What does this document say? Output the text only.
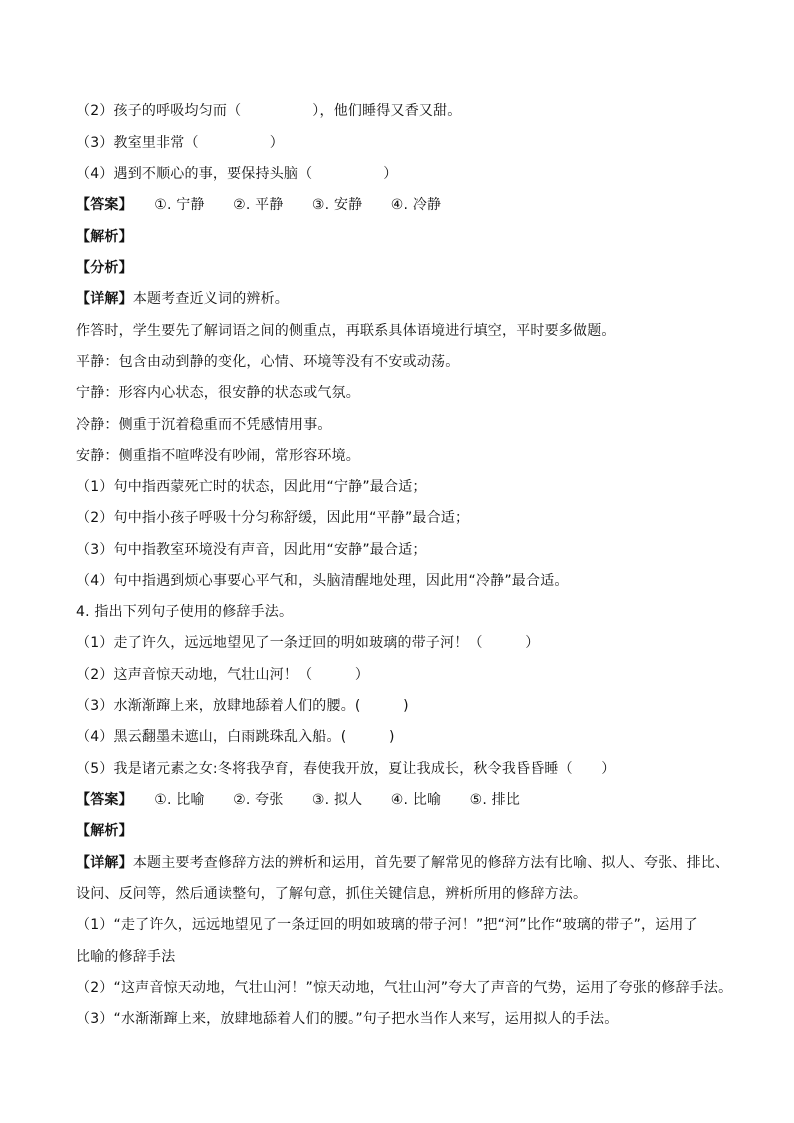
（2）孩子的呼吸均匀而（　　　　　），他们睡得又香又甜。
（3）教室里非常（　　　　　）
（4）遇到不顺心的事，要保持头脑（　　　　　）
【答案】　　①. 宁静　　②. 平静　　③. 安静　　④. 冷静
【解析】
【分析】
【详解】本题考查近义词的辨析。
作答时，学生要先了解词语之间的侧重点，再联系具体语境进行填空，平时要多做题。
平静：包含由动到静的变化，心情、环境等没有不安或动荡。
宁静：形容内心状态，很安静的状态或气氛。
冷静：侧重于沉着稳重而不凭感情用事。
安静：侧重指不喧哗没有吵闹，常形容环境。
（1）句中指西蒙死亡时的状态，因此用“宁静”最合适；
（2）句中指小孩子呼吸十分匀称舒缓，因此用“平静”最合适；
（3）句中指教室环境没有声音，因此用“安静”最合适；
（4）句中指遇到烦心事要心平气和，头脑清醒地处理，因此用“冷静”最合适。
4. 指出下列句子使用的修辞手法。
（1）走了许久，远远地望见了一条迂回的明如玻璃的带子河！（　　　）
（2）这声音惊天动地，气壮山河！（　　　）
（3）水渐渐蹿上来，放肆地舔着人们的腰。(　　　)
（4）黑云翻墨未遮山，白雨跳珠乱入船。(　　　)
（5）我是诸元素之女:冬将我孕育，春使我开放，夏让我成长，秋令我昏昏睡（　　）
【答案】　　①. 比喻　　②. 夸张　　③. 拟人　　④. 比喻　　⑤. 排比
【解析】
【详解】本题主要考查修辞方法的辨析和运用，首先要了解常见的修辞方法有比喻、拟人、夸张、排比、
设问、反问等，然后通读整句，了解句意，抓住关键信息，辨析所用的修辞方法。
（1）“走了许久，远远地望见了一条迂回的明如玻璃的带子河！”把“河”比作“玻璃的带子”，运用了
比喻的修辞手法
（2）“这声音惊天动地，气壮山河！”惊天动地，气壮山河”夸大了声音的气势，运用了夸张的修辞手法。
（3）“水渐渐蹿上来，放肆地舔着人们的腰。”句子把水当作人来写，运用拟人的手法。
